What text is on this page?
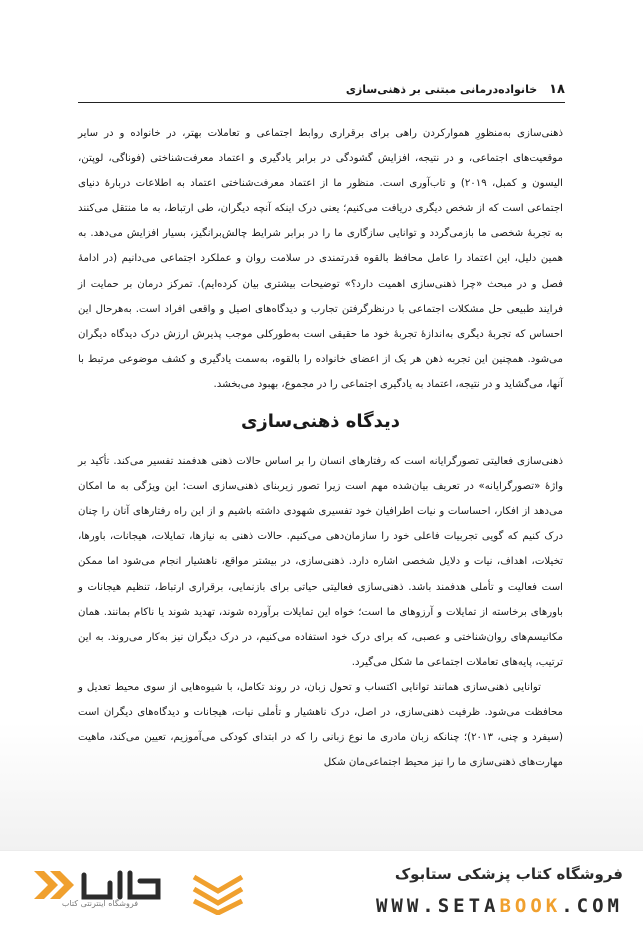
۱۸
خانواده‌درمانی مبتنی بر ذهنی‌سازی

ذهنی‌سازی به‌منظورِ هموارکردن راهی برای برقراری روابط اجتماعی و تعاملات بهتر، در خانواده و در سایر موقعیت‌های اجتماعی، و در نتیجه، افزایش گشودگی در برابر یادگیری و اعتماد معرفت‌شناختی (فوناگی، لوپتن، الیسون و کمبل، ۲۰۱۹) و تاب‌آوری است. منظور ما از اعتماد معرفت‌شناختی اعتماد به اطلاعات دربارهٔ دنیای اجتماعی است که از شخص دیگری دریافت می‌کنیم؛ یعنی درک اینکه آنچه دیگران، طی ارتباط، به ما منتقل می‌کنند به تجربهٔ شخصی ما بازمی‌گردد و توانایی سازگاری ما را در برابر شرایط چالش‌برانگیز، بسیار افزایش می‌دهد. به همین دلیل، این اعتماد را عامل محافظ بالقوه قدرتمندی در سلامت روان و عملکرد اجتماعی می‌دانیم (در ادامهٔ فصل و در مبحث «چرا ذهنی‌سازی اهمیت دارد؟» توضیحات بیشتری بیان کرده‌ایم). تمرکز درمان بر حمایت از فرایند طبیعی حل مشکلات اجتماعی با درنظرگرفتن تجارب و دیدگاه‌های اصیل و واقعی افراد است. به‌هرحال این احساس که تجربهٔ دیگری به‌اندازهٔ تجربهٔ خود ما حقیقی است به‌طورکلی موجب پذیرش ارزش درک دیدگاه دیگران می‌شود. همچنین این تجربه ذهن هر یک از اعضای خانواده را بالقوه، به‌سمت یادگیری و کشف موضوعی مرتبط با آنها، می‌گشاید و در نتیجه، اعتماد به یادگیری اجتماعی را در مجموع، بهبود می‌بخشد.

دیدگاه ذهنی‌سازی

ذهنی‌سازی فعالیتی تصورگرایانه است که رفتارهای انسان را بر اساس حالات ذهنی هدفمند تفسیر می‌کند. تأکید بر واژهٔ «تصورگرایانه» در تعریف بیان‌شده مهم است زیرا تصور زیربنای ذهنی‌سازی است: این ویژگی به ما امکان می‌دهد از افکار، احساسات و نیات اطرافیان خود تفسیری شهودی داشته باشیم و از این راه رفتارهای آنان را چنان درک کنیم که گویی تجربیات فاعلی خود را سازمان‌دهی می‌کنیم. حالات ذهنی به نیازها، تمایلات، هیجانات، باورها، تخیلات، اهداف، نیات و دلایل شخصی اشاره دارد. ذهنی‌سازی، در بیشتر مواقع، ناهشیار انجام می‌شود اما ممکن است فعالیت و تأملی هدفمند باشد. ذهنی‌سازی فعالیتی حیاتی برای بازنمایی، برقراری ارتباط، تنظیم هیجانات و باورهای برخاسته از تمایلات و آرزوهای ما است؛ خواه این تمایلات برآورده شوند، تهدید شوند یا ناکام بمانند. همان مکانیسم‌های روان‌شناختی و عصبی، که برای درک خود استفاده می‌کنیم، در درک دیگران نیز به‌کار می‌روند. به این ترتیب، پایه‌های تعاملات اجتماعی ما شکل می‌گیرد.

توانایی ذهنی‌سازی همانند توانایی اکتساب و تحول زبان، در روند تکامل، با شیوه‌هایی از سوی محیط تعدیل و محافظت می‌شود. ظرفیت ذهنی‌سازی، در اصل، درک ناهشیار و تأملی نیات، هیجانات و دیدگاه‌های دیگران است (سیفرد و چنی، ۲۰۱۳)؛ چنانکه زبان مادری ما نوع زبانی را که در ابتدای کودکی می‌آموزیم، تعیین می‌کند، ماهیت مهارت‌های ذهنی‌سازی ما را نیز محیط اجتماعی‌مان شکل

فروشگاه اینترنتی کتاب
فروشگاه کتاب پزشکی ستابوک
WWW.SETABOOK.COM
